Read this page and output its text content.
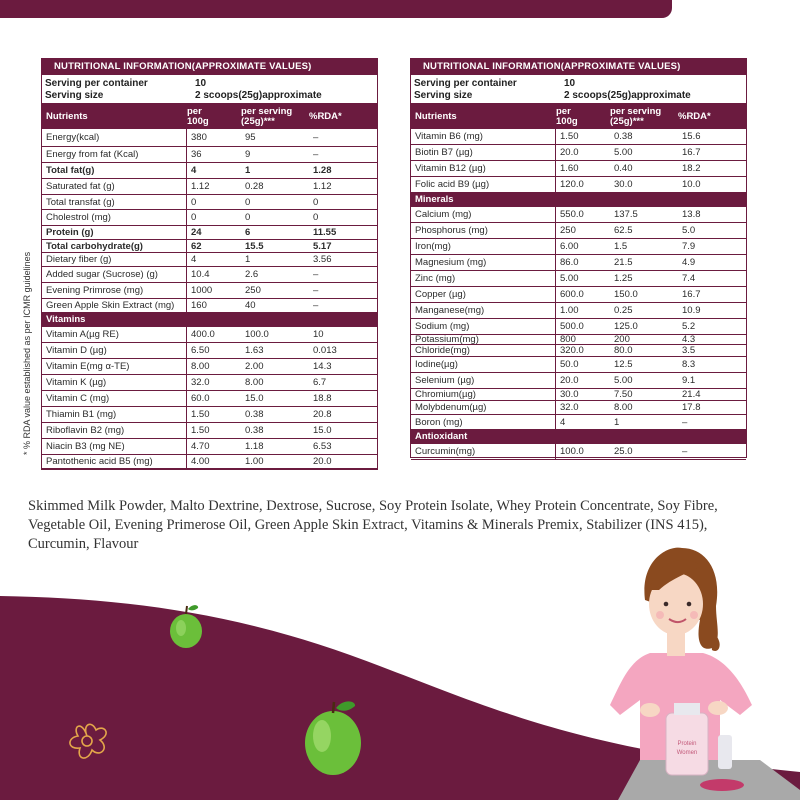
* % RDA value established as per ICMR guidelines
NUTRITIONAL INFORMATION(APPROXIMATE VALUES)
Serving per container	10
Serving size	2 scoops(25g)approximate
Nutrients	per
100g
per serving
(25g)***	%RDA*
Energy(kcal)	380	95	–
Energy from fat (Kcal)	36	9	–
Total fat(g)	4	1	1.28
Saturated fat (g)	1.12	0.28	1.12
Total transfat (g)	0	0	0
Cholestrol (mg)	0	0	0
Protein (g)	24	6	11.55
Total carbohydrate(g)	62	15.5	5.17
Dietary fiber (g)	4	1	3.56
Added sugar (Sucrose) (g)	10.4	2.6	–
Evening Primrose (mg)	1000	250	–
Green Apple Skin Extract (mg)	160	40	–
Vitamins
Vitamin A(µg RE)	400.0	100.0	10
Vitamin D (µg)	6.50	1.63	0.013
Vitamin E(mg α-TE)	8.00	2.00	14.3
Vitamin K (µg)	32.0	8.00	6.7
Vitamin C (mg)	60.0	15.0	18.8
Thiamin B1 (mg)	1.50	0.38	20.8
Riboflavin B2 (mg)	1.50	0.38	15.0
Niacin B3 (mg NE)	4.70	1.18	6.53
Pantothenic acid B5 (mg)	4.00	1.00	20.0
NUTRITIONAL INFORMATION(APPROXIMATE VALUES)
Serving per container	10
Serving size	2 scoops(25g)approximate
Nutrients	per
100g
per serving
(25g)***	%RDA*
Vitamin B6 (mg)	1.50	0.38	15.6
Biotin B7 (µg)	20.0	5.00	16.7
Vitamin B12 (µg)	1.60	0.40	18.2
Folic acid B9 (µg)	120.0	30.0	10.0
Minerals
Calcium (mg)	550.0	137.5	13.8
Phosphorus (mg)	250	62.5	5.0
Iron(mg)	6.00	1.5	7.9
Magnesium (mg)	86.0	21.5	4.9
Zinc (mg)	5.00	1.25	7.4
Copper (µg)	600.0	150.0	16.7
Manganese(mg)	1.00	0.25	10.9
Sodium (mg)	500.0	125.0	5.2
Potassium(mg)	800	200	4.3
Chloride(mg)	320.0	80.0	3.5
Iodine(µg)	50.0	12.5	8.3
Selenium (µg)	20.0	5.00	9.1
Chromium(µg)	30.0	7.50	21.4
Molybdenum(µg)	32.0	8.00	17.8
Boron (mg)	4	1	–
Antioxidant
Curcumin(mg)	100.0	25.0	–
Skimmed Milk Powder, Malto Dextrine, Dextrose, Sucrose, Soy Protein Isolate, Whey Protein Concentrate, Soy Fibre, Vegetable Oil, Evening Primerose Oil, Green Apple Skin Extract, Vitamins & Minerals Premix, Stabilizer (INS 415), Curcumin, Flavour
Protein
Women
